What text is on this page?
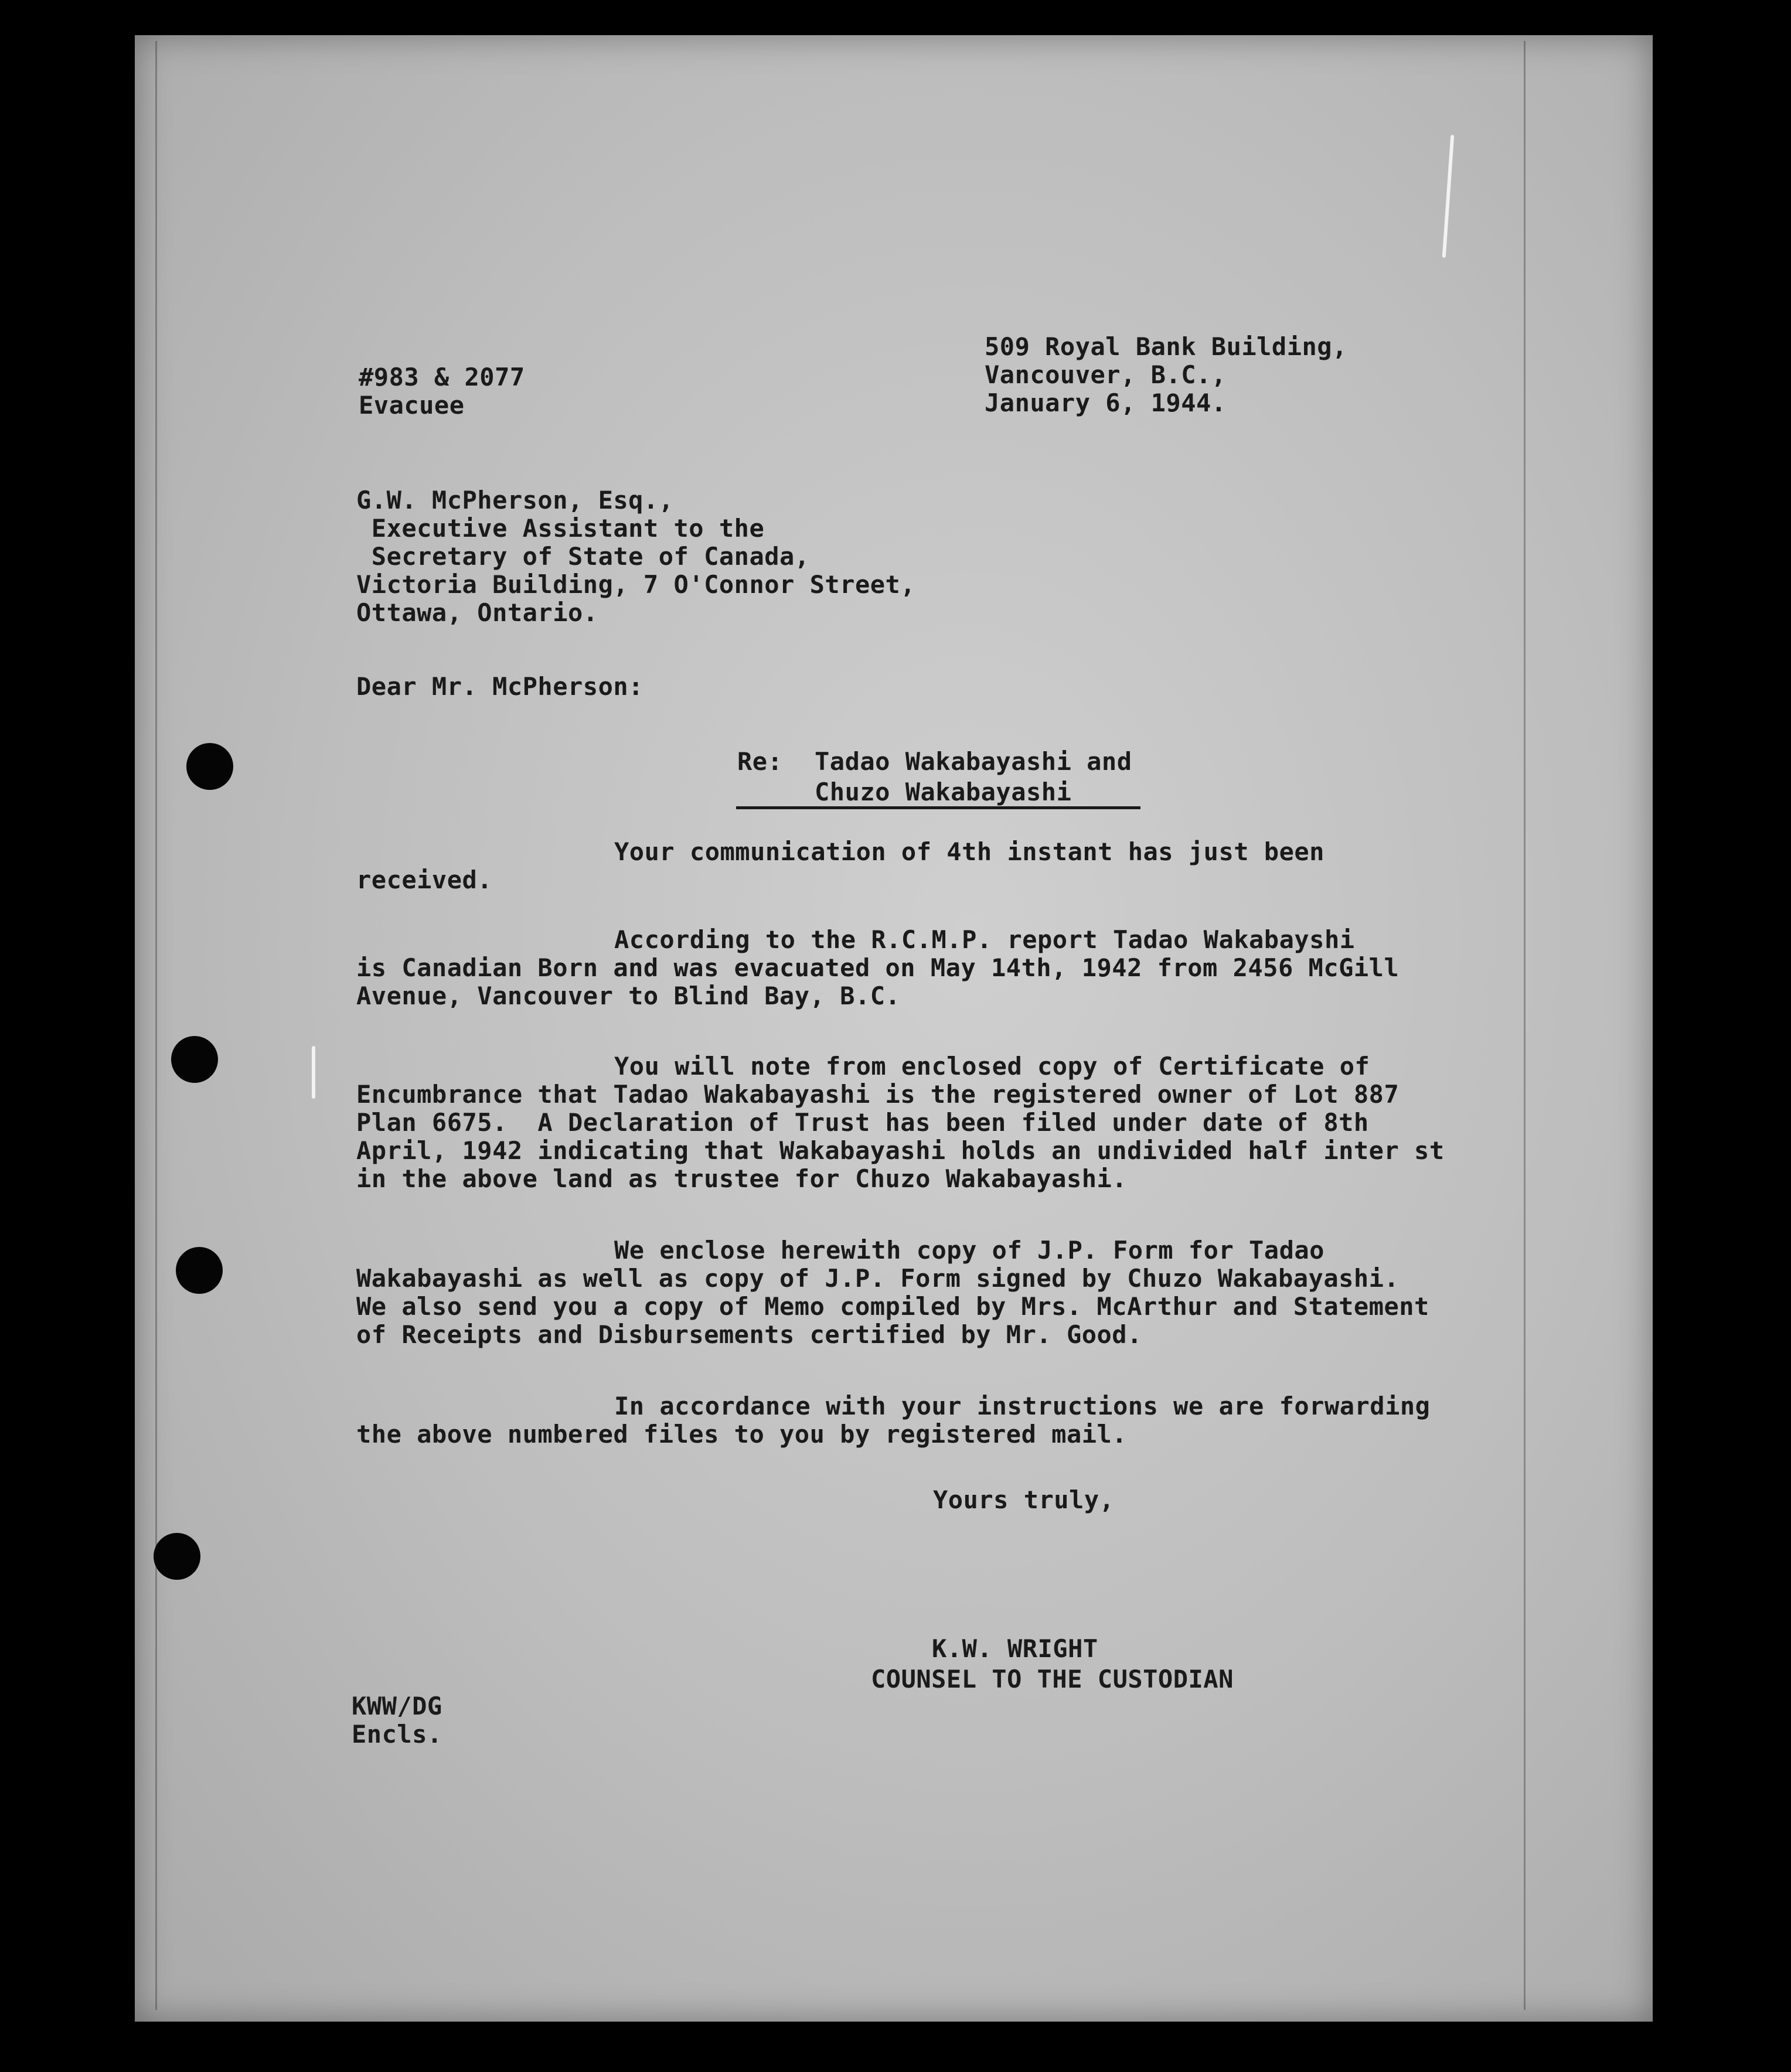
#983 & 2077
Evacuee
509 Royal Bank Building,
Vancouver, B.C.,
January 6, 1944.
G.W. McPherson, Esq.,
Executive Assistant to the
Secretary of State of Canada,
Victoria Building, 7 O'Connor Street,
Ottawa, Ontario.
Dear Mr. McPherson:
Re: Tadao Wakabayashi and
Chuzo Wakabayashi
Your communication of 4th instant has just been
received.
According to the R.C.M.P. report Tadao Wakabayshi
is Canadian Born and was evacuated on May 14th, 1942 from 2456 McGill
Avenue, Vancouver to Blind Bay, B.C.
You will note from enclosed copy of Certificate of
Encumbrance that Tadao Wakabayashi is the registered owner of Lot 887
Plan 6675.  A Declaration of Trust has been filed under date of 8th
April, 1942 indicating that Wakabayashi holds an undivided half inter st
in the above land as trustee for Chuzo Wakabayashi.
We enclose herewith copy of J.P. Form for Tadao
Wakabayashi as well as copy of J.P. Form signed by Chuzo Wakabayashi.
We also send you a copy of Memo compiled by Mrs. McArthur and Statement
of Receipts and Disbursements certified by Mr. Good.
In accordance with your instructions we are forwarding
the above numbered files to you by registered mail.
Yours truly,
K.W. WRIGHT
COUNSEL TO THE CUSTODIAN
KWW/DG
Encls.
